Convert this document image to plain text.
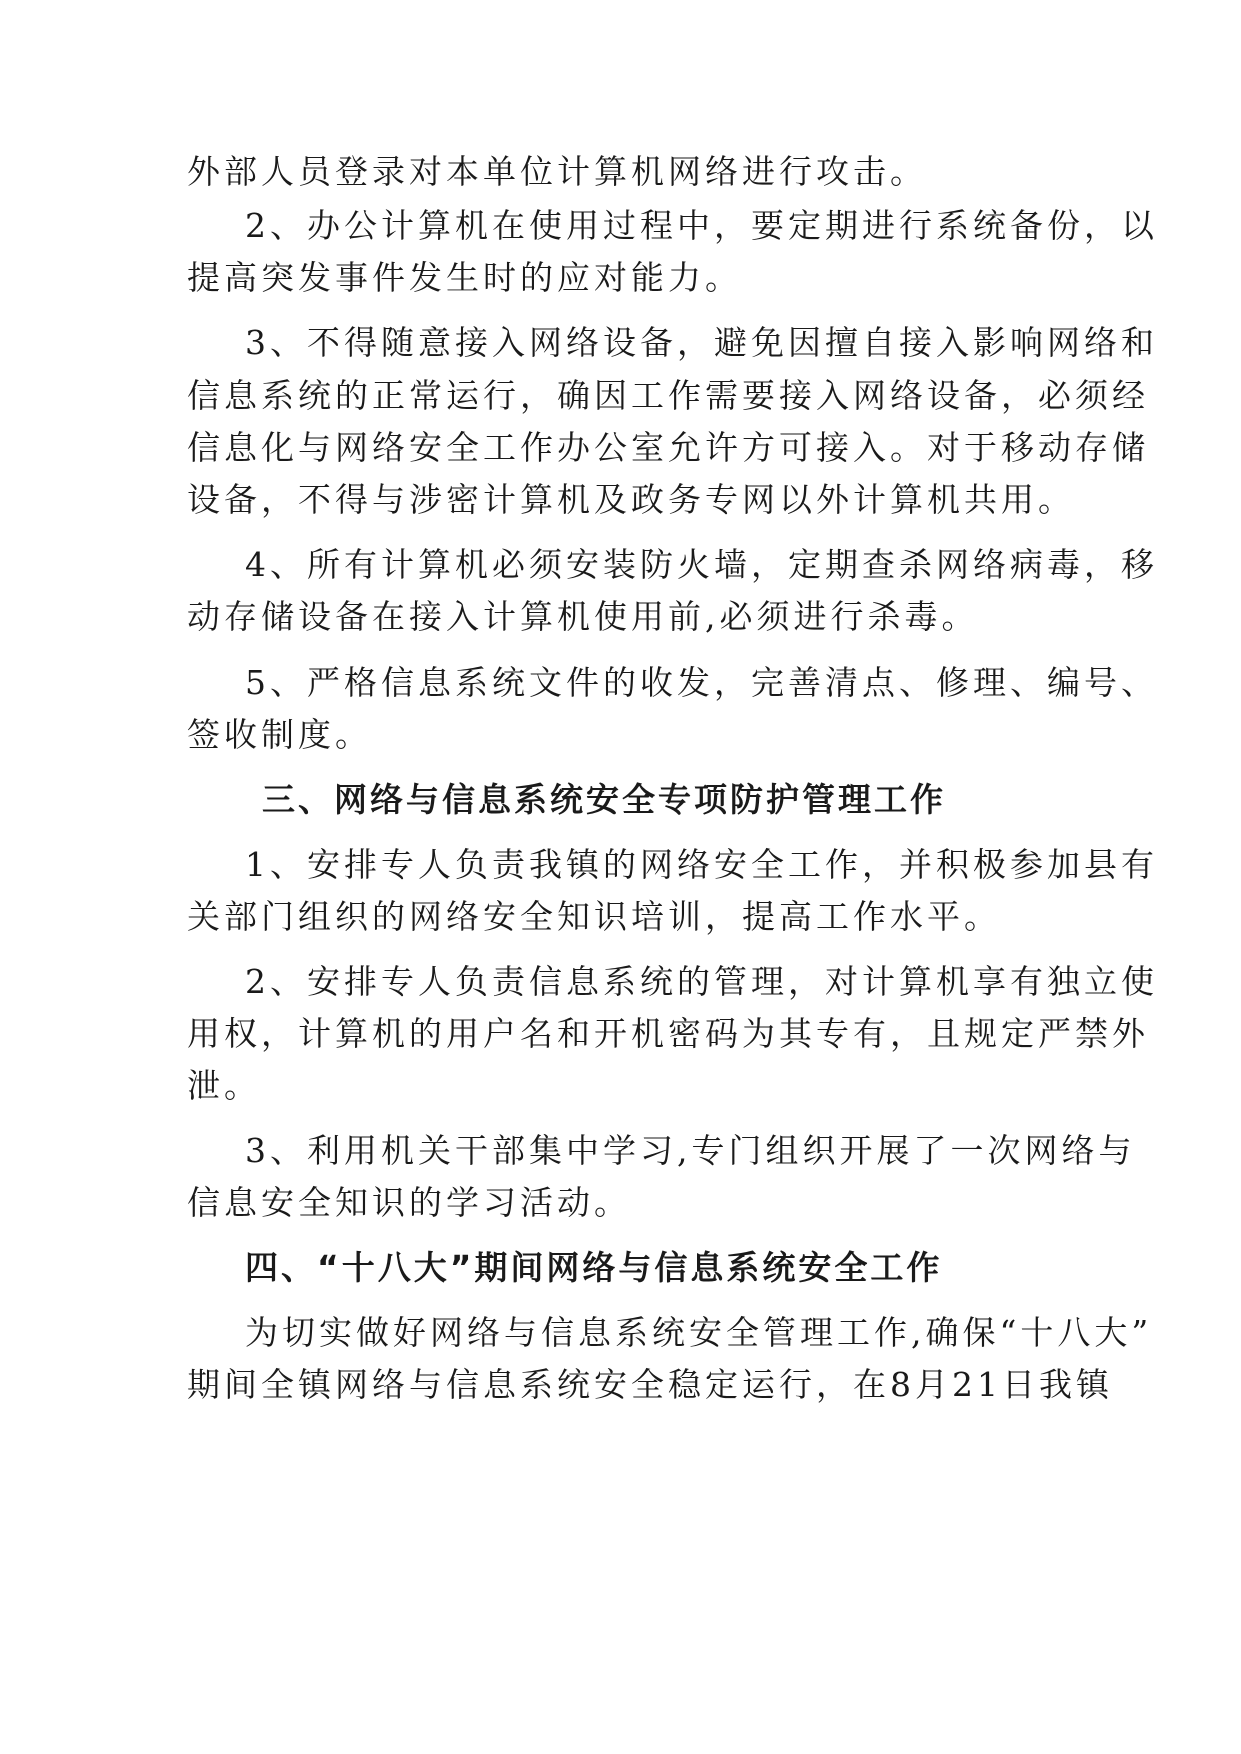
外部人员登录对本单位计算机网络进行攻击。

2、办公计算机在使用过程中，要定期进行系统备份，以

提高突发事件发生时的应对能力。

3、不得随意接入网络设备，避免因擅自接入影响网络和

信息系统的正常运行，确因工作需要接入网络设备，必须经

信息化与网络安全工作办公室允许方可接入。对于移动存储

设备，不得与涉密计算机及政务专网以外计算机共用。

4、所有计算机必须安装防火墙，定期查杀网络病毒，移

动存储设备在接入计算机使用前,必须进行杀毒。

5、严格信息系统文件的收发，完善清点、修理、编号、

签收制度。

三、网络与信息系统安全专项防护管理工作

1、安排专人负责我镇的网络安全工作，并积极参加县有

关部门组织的网络安全知识培训，提高工作水平。

2、安排专人负责信息系统的管理，对计算机享有独立使

用权，计算机的用户名和开机密码为其专有，且规定严禁外

泄。

3、利用机关干部集中学习,专门组织开展了一次网络与

信息安全知识的学习活动。

四、“十八大”期间网络与信息系统安全工作

为切实做好网络与信息系统安全管理工作,确保“十八大”

期间全镇网络与信息系统安全稳定运行，在8月21日我镇
